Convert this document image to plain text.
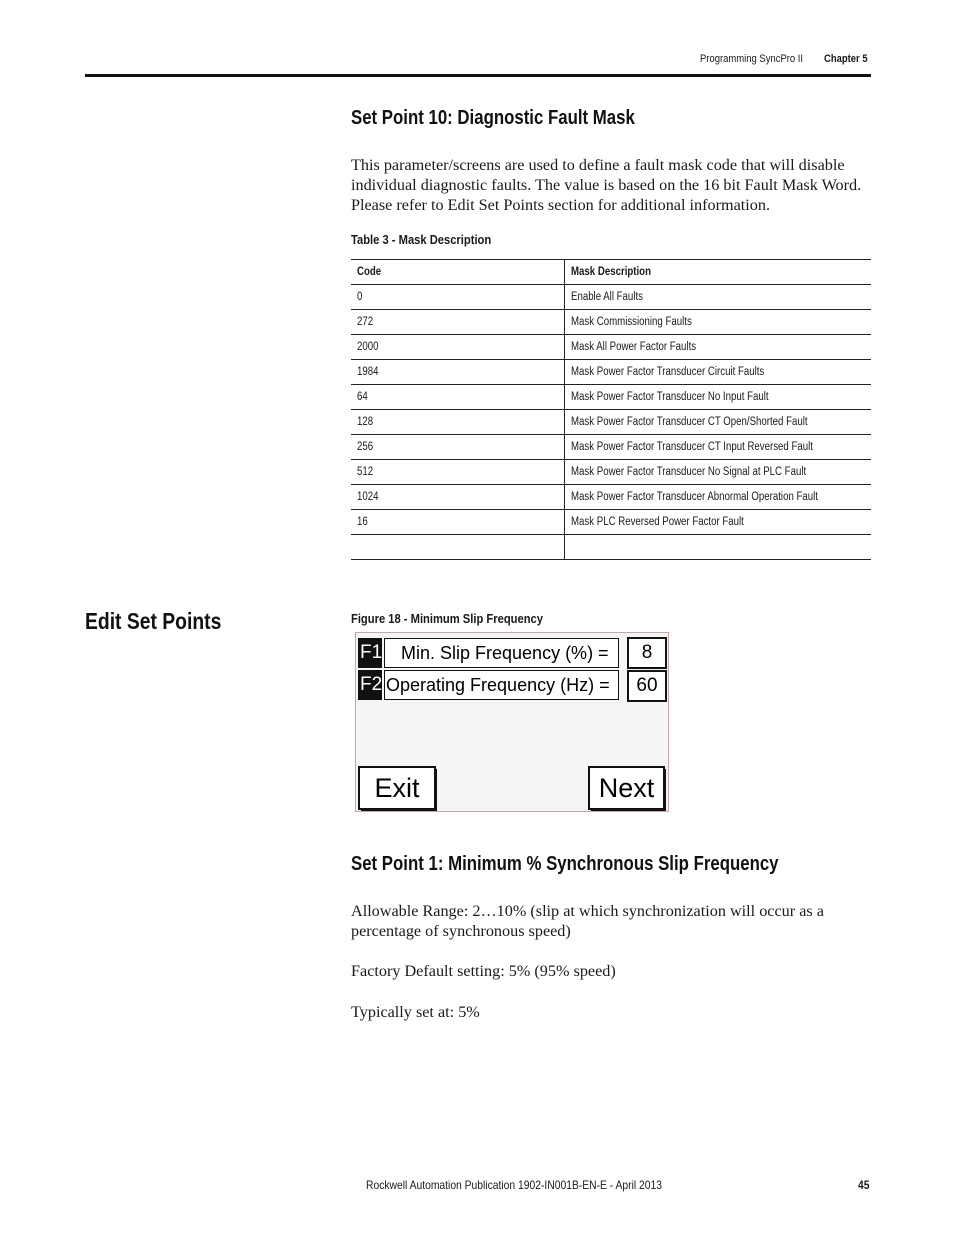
Programming SyncPro II Chapter 5
Set Point 10: Diagnostic Fault Mask
This parameter/screens are used to define a fault mask code that will disable
individual diagnostic faults. The value is based on the 16 bit Fault Mask Word.
Please refer to Edit Set Points section for additional information.
Table 3 - Mask Description
Code	Mask Description
0	Enable All Faults
272	Mask Commissioning Faults
2000	Mask All Power Factor Faults
1984	Mask Power Factor Transducer Circuit Faults
64	Mask Power Factor Transducer No Input Fault
128	Mask Power Factor Transducer CT Open/Shorted Fault
256	Mask Power Factor Transducer CT Input Reversed Fault
512	Mask Power Factor Transducer No Signal at PLC Fault
1024	Mask Power Factor Transducer Abnormal Operation Fault
16	Mask PLC Reversed Power Factor Fault

Edit Set Points	Figure 18 - Minimum Slip Frequency
F1	Min. Slip Frequency (%) =	8
F2 Operating Frequency (Hz) =	60
Exit	Next
Set Point 1: Minimum % Synchronous Slip Frequency
Allowable Range: 2…10% (slip at which synchronization will occur as a
percentage of synchronous speed)
Factory Default setting: 5% (95% speed)
Typically set at: 5%
Rockwell Automation Publication 1902-IN001B-EN-E - April 2013	45
